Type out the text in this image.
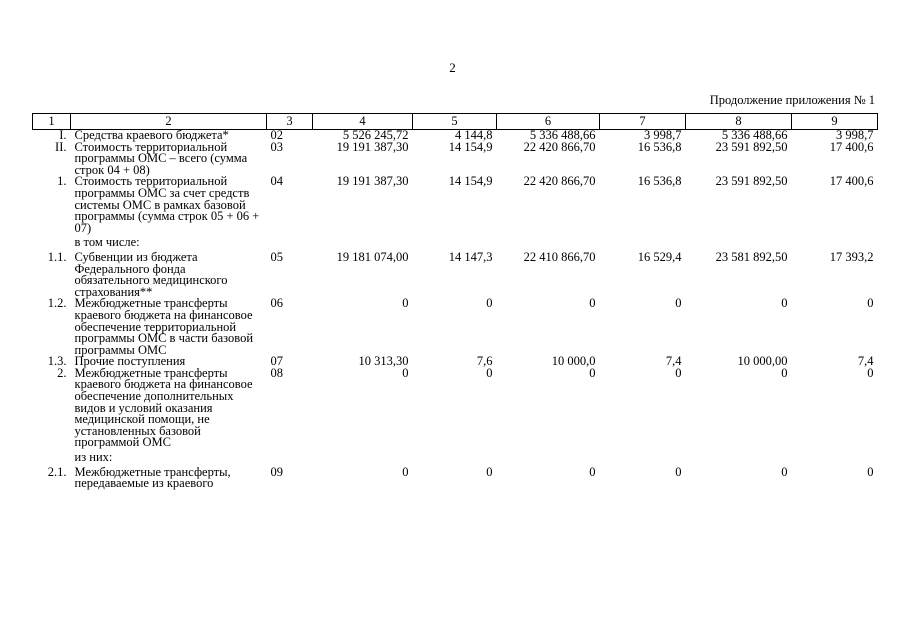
2
Продолжение приложения № 1
1	2	3	4	5	6	7	8	9
I.	Средства краевого бюджета*	02	5 526 245,72	4 144,8	5 336 488,66	3 998,7	5 336 488,66	3 998,7
II.	Стоимость территориальной программы ОМС – всего (сумма строк 04 + 08)	03	19 191 387,30	14 154,9	22 420 866,70	16 536,8	23 591 892,50	17 400,6
1.	Стоимость территориальной программы ОМС за счет средств системы ОМС в рамках базовой программы (сумма строк 05 + 06 + 07)	04	19 191 387,30	14 154,9	22 420 866,70	16 536,8	23 591 892,50	17 400,6
	в том числе:							
1.1.	Субвенции из бюджета Федерального фонда обязательного медицинского страхования**	05	19 181 074,00	14 147,3	22 410 866,70	16 529,4	23 581 892,50	17 393,2
1.2.	Межбюджетные трансферты краевого бюджета на финансовое обеспечение территориальной программы ОМС в части базовой программы ОМС	06	0	0	0	0	0	0
1.3.	Прочие поступления	07	10 313,30	7,6	10 000,0	7,4	10 000,00	7,4
2.	Межбюджетные трансферты краевого бюджета на финансовое обеспечение дополнительных видов и условий оказания медицинской помощи, не установленных базовой программой ОМС	08	0	0	0	0	0	0
	из них:							
2.1.	Межбюджетные трансферты, передаваемые из краевого	09	0	0	0	0	0	0
